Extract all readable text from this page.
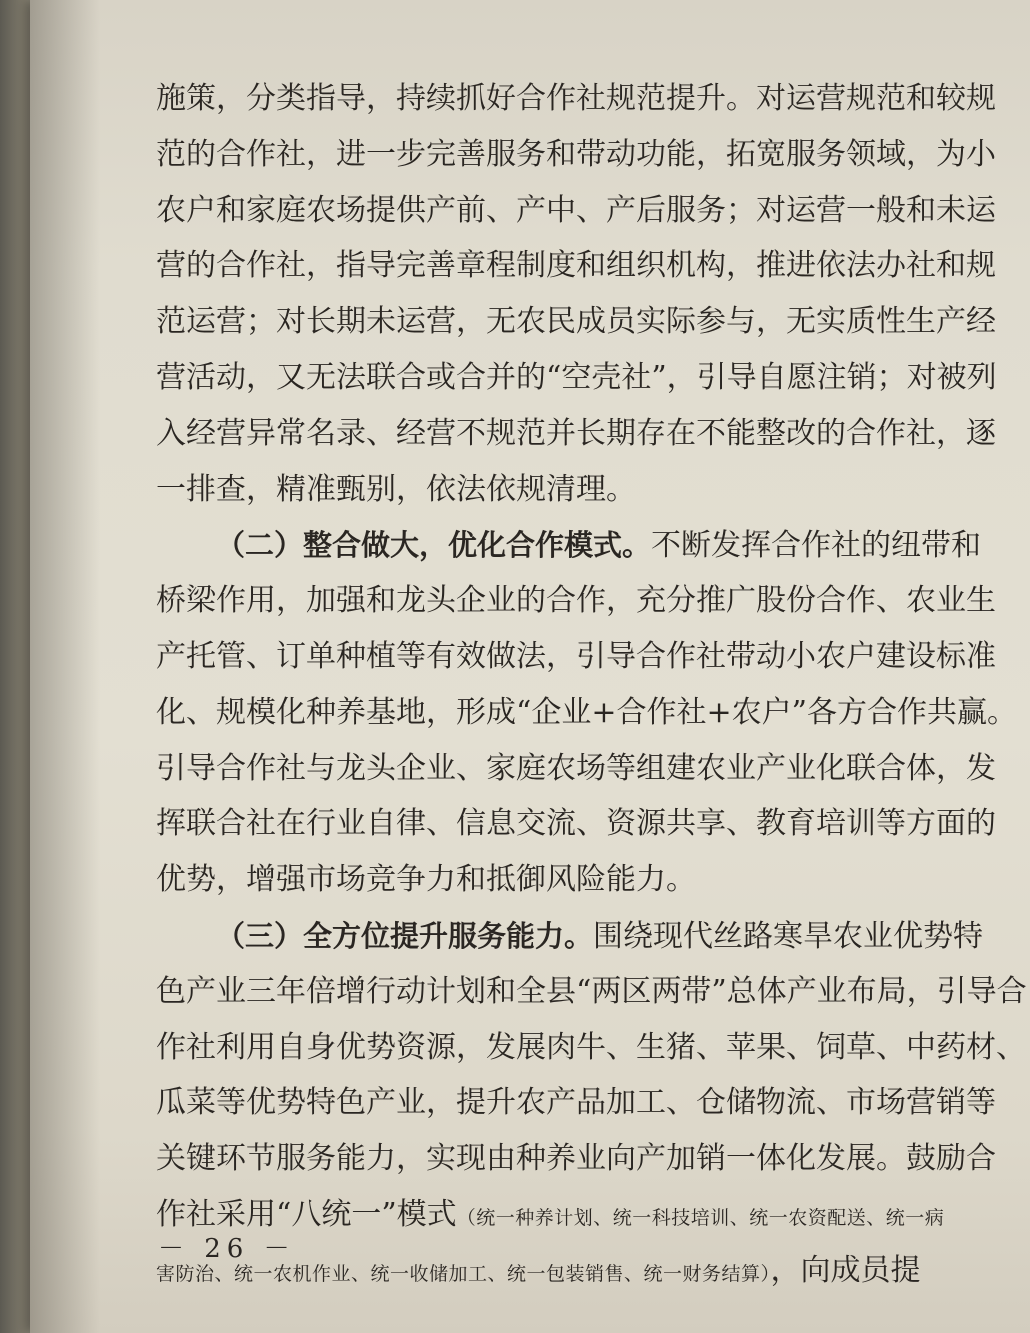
施策，分类指导，持续抓好合作社规范提升。对运营规范和较规
范的合作社，进一步完善服务和带动功能，拓宽服务领域，为小
农户和家庭农场提供产前、产中、产后服务；对运营一般和未运
营的合作社，指导完善章程制度和组织机构，推进依法办社和规
范运营；对长期未运营，无农民成员实际参与，无实质性生产经
营活动，又无法联合或合并的“空壳社”，引导自愿注销；对被列
入经营异常名录、经营不规范并长期存在不能整改的合作社，逐
一排查，精准甄别，依法依规清理。
（二）整合做大，优化合作模式。不断发挥合作社的纽带和
桥梁作用，加强和龙头企业的合作，充分推广股份合作、农业生
产托管、订单种植等有效做法，引导合作社带动小农户建设标准
化、规模化种养基地，形成“企业+合作社+农户”各方合作共赢。
引导合作社与龙头企业、家庭农场等组建农业产业化联合体，发
挥联合社在行业自律、信息交流、资源共享、教育培训等方面的
优势，增强市场竞争力和抵御风险能力。
（三）全方位提升服务能力。围绕现代丝路寒旱农业优势特
色产业三年倍增行动计划和全县“两区两带”总体产业布局，引导合
作社利用自身优势资源，发展肉牛、生猪、苹果、饲草、中药材、
瓜菜等优势特色产业，提升农产品加工、仓储物流、市场营销等
关键环节服务能力，实现由种养业向产加销一体化发展。鼓励合
作社采用“八统一”模式（统一种养计划、统一科技培训、统一农资配送、统一病
害防治、统一农机作业、统一收储加工、统一包装销售、统一财务结算），向成员提
－ 26 －
